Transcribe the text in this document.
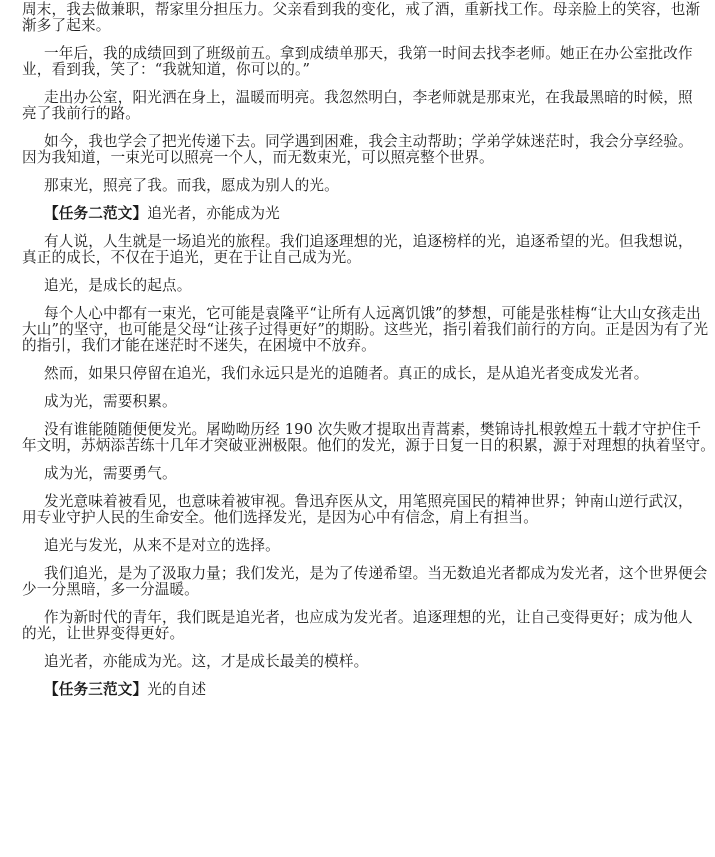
周末，我去做兼职，帮家里分担压力。父亲看到我的变化，戒了酒，重新找工作。母亲脸上的笑容，也渐
渐多了起来。
一年后，我的成绩回到了班级前五。拿到成绩单那天，我第一时间去找李老师。她正在办公室批改作
业，看到我，笑了：“我就知道，你可以的。”
走出办公室，阳光洒在身上，温暖而明亮。我忽然明白，李老师就是那束光，在我最黑暗的时候，照
亮了我前行的路。
如今，我也学会了把光传递下去。同学遇到困难，我会主动帮助；学弟学妹迷茫时，我会分享经验。
因为我知道，一束光可以照亮一个人，而无数束光，可以照亮整个世界。
那束光，照亮了我。而我，愿成为别人的光。
【任务二范文】追光者，亦能成为光
有人说，人生就是一场追光的旅程。我们追逐理想的光，追逐榜样的光，追逐希望的光。但我想说，
真正的成长，不仅在于追光，更在于让自己成为光。
追光，是成长的起点。
每个人心中都有一束光，它可能是袁隆平“让所有人远离饥饿”的梦想，可能是张桂梅“让大山女孩走出
大山”的坚守，也可能是父母“让孩子过得更好”的期盼。这些光，指引着我们前行的方向。正是因为有了光
的指引，我们才能在迷茫时不迷失，在困境中不放弃。
然而，如果只停留在追光，我们永远只是光的追随者。真正的成长，是从追光者变成发光者。
成为光，需要积累。
没有谁能随随便便发光。屠呦呦历经 190 次失败才提取出青蒿素，樊锦诗扎根敦煌五十载才守护住千
年文明，苏炳添苦练十几年才突破亚洲极限。他们的发光，源于日复一日的积累，源于对理想的执着坚守。
成为光，需要勇气。
发光意味着被看见，也意味着被审视。鲁迅弃医从文，用笔照亮国民的精神世界；钟南山逆行武汉，
用专业守护人民的生命安全。他们选择发光，是因为心中有信念，肩上有担当。
追光与发光，从来不是对立的选择。
我们追光，是为了汲取力量；我们发光，是为了传递希望。当无数追光者都成为发光者，这个世界便会
少一分黑暗，多一分温暖。
作为新时代的青年，我们既是追光者，也应成为发光者。追逐理想的光，让自己变得更好；成为他人
的光，让世界变得更好。
追光者，亦能成为光。这，才是成长最美的模样。
【任务三范文】光的自述
